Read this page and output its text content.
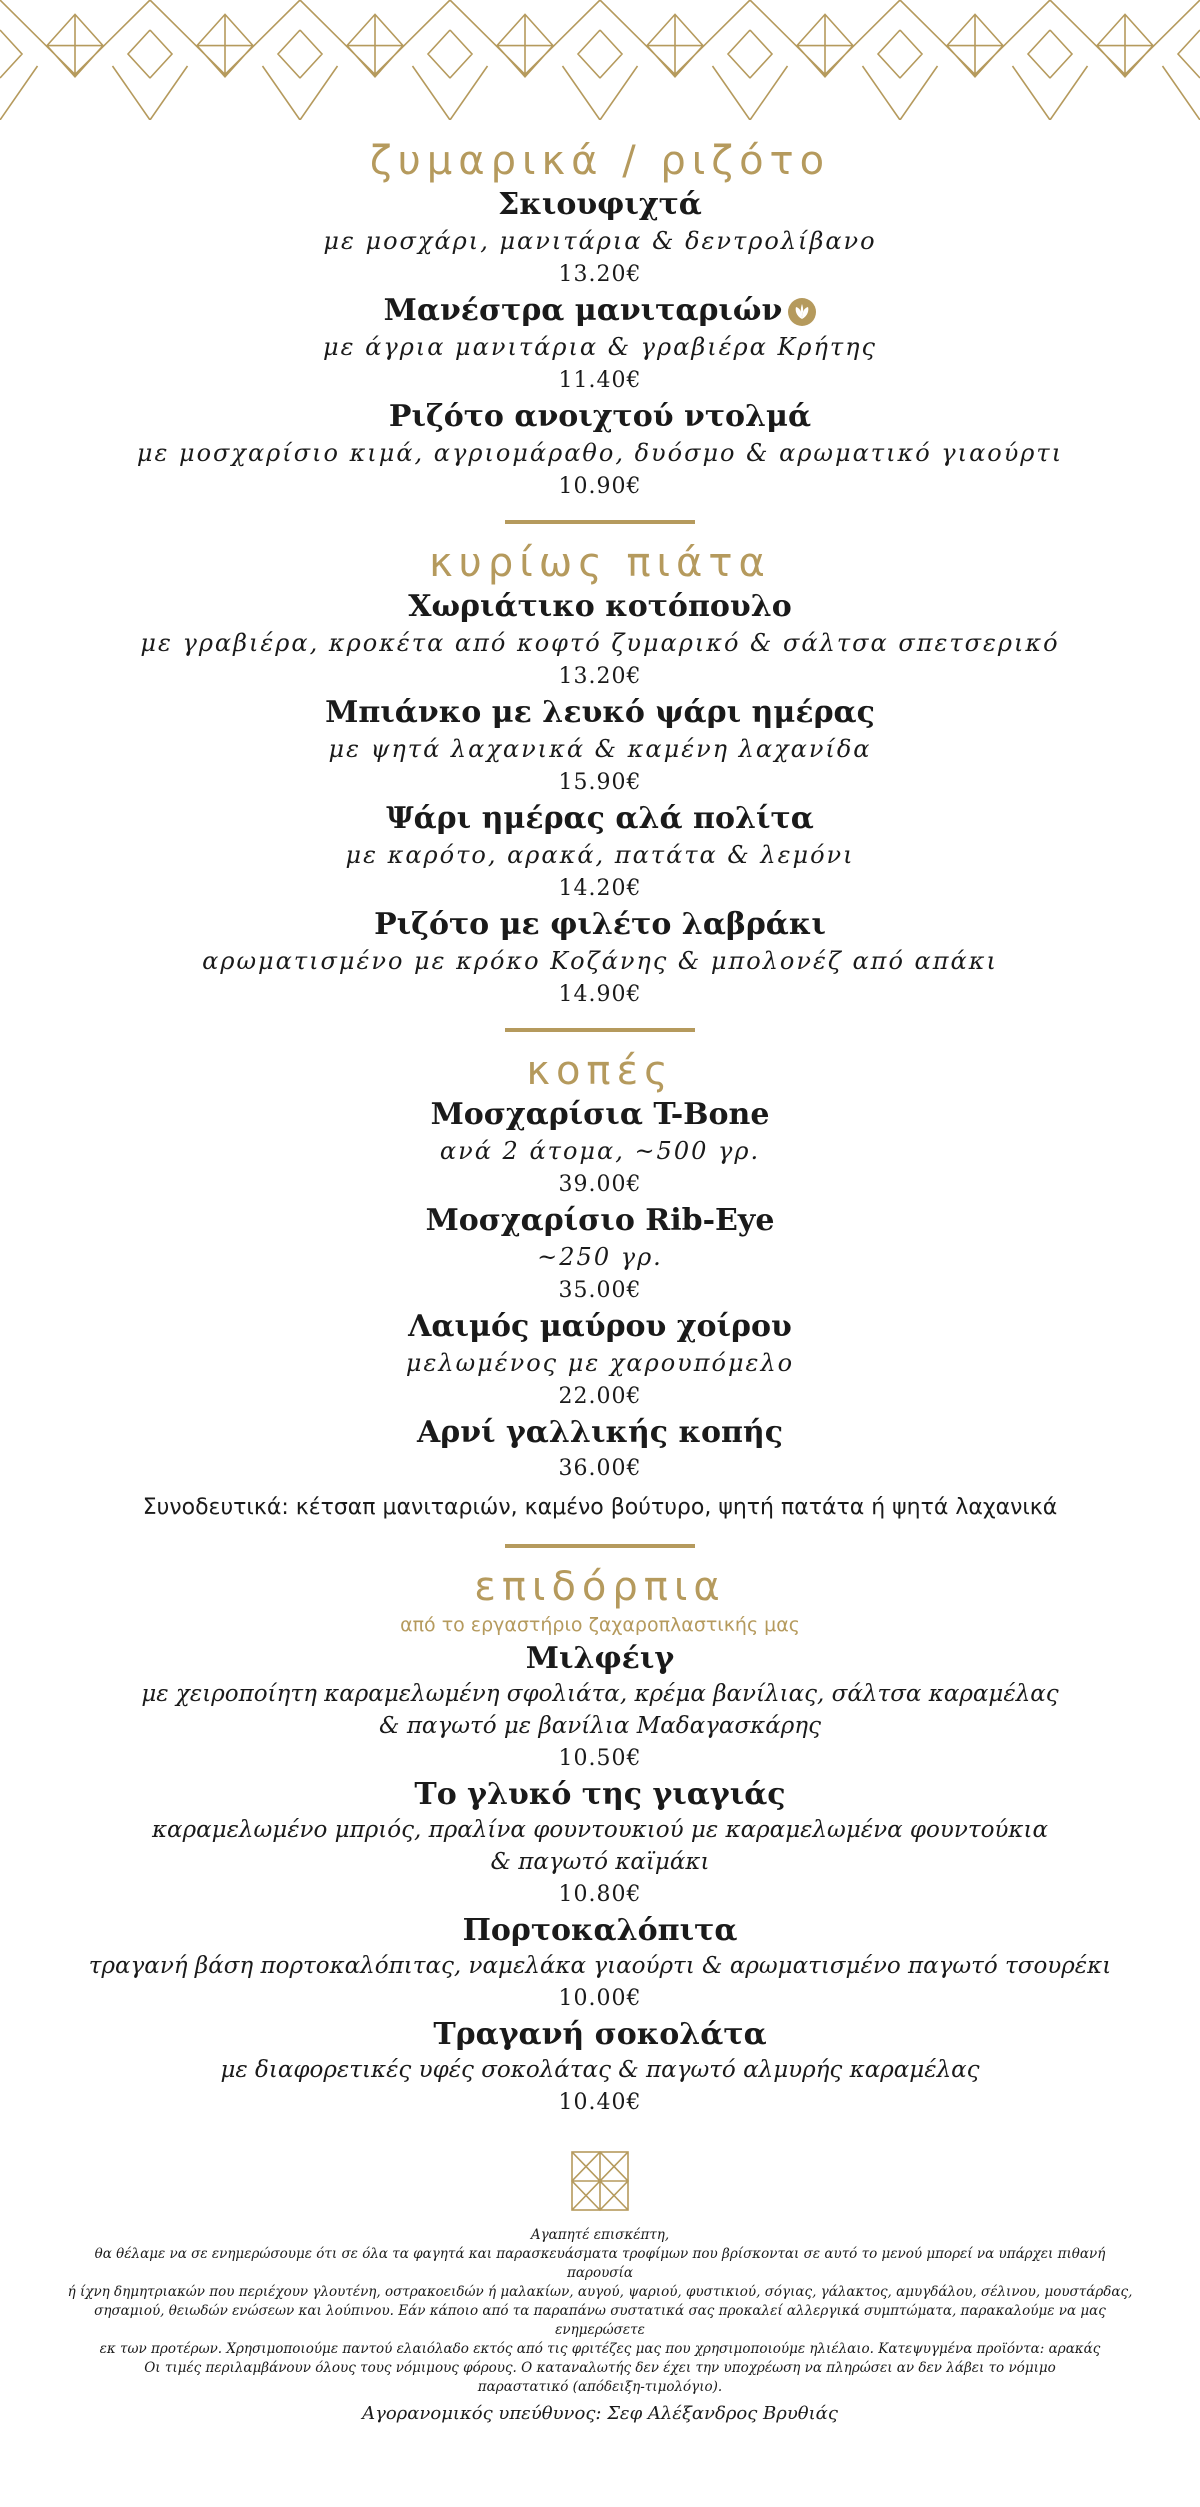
ζυμαρικά / ριζότο
Σκιουφιχτά
με μοσχάρι, μανιτάρια & δεντρολίβανο
13.20€
Μανέστρα μανιταριών
με άγρια μανιτάρια & γραβιέρα Κρήτης
11.40€
Ριζότο ανοιχτού ντολμά
με μοσχαρίσιο κιμά, αγριομάραθο, δυόσμο & αρωματικό γιαούρτι
10.90€
κυρίως πιάτα
Χωριάτικο κοτόπουλο
με γραβιέρα, κροκέτα από κοφτό ζυμαρικό & σάλτσα σπετσερικό
13.20€
Μπιάνκο με λευκό ψάρι ημέρας
με ψητά λαχανικά & καμένη λαχανίδα
15.90€
Ψάρι ημέρας αλά πολίτα
με καρότο, αρακά, πατάτα & λεμόνι
14.20€
Ριζότο με φιλέτο λαβράκι
αρωματισμένο με κρόκο Κοζάνης & μπολονέζ από απάκι
14.90€
κοπές
Μοσχαρίσια T-Bone
ανά 2 άτομα, ~500 γρ.
39.00€
Μοσχαρίσιο Rib-Eye
~250 γρ.
35.00€
Λαιμός μαύρου χοίρου
μελωμένος με χαρουπόμελο
22.00€
Αρνί γαλλικής κοπής
36.00€

Συνοδευτικά: κέτσαπ μανιταριών, καμένο βούτυρο, ψητή πατάτα ή ψητά λαχανικά

επιδόρπια

από το εργαστήριο ζαχαροπλαστικής μας

Μιλφέιγ
με χειροποίητη καραμελωμένη σφολιάτα, κρέμα βανίλιας, σάλτσα καραμέλας
& παγωτό με βανίλια Μαδαγασκάρης
10.50€
Το γλυκό της γιαγιάς
καραμελωμένο μπριός, πραλίνα φουντουκιού με καραμελωμένα φουντούκια
& παγωτό καϊμάκι
10.80€
Πορτοκαλόπιτα
τραγανή βάση πορτοκαλόπιτας, ναμελάκα γιαούρτι & αρωματισμένο παγωτό τσουρέκι
10.00€
Τραγανή σοκολάτα
με διαφορετικές υφές σοκολάτας & παγωτό αλμυρής καραμέλας
10.40€
Αγαπητέ επισκέπτη,
θα θέλαμε να σε ενημερώσουμε ότι σε όλα τα φαγητά και παρασκευάσματα τροφίμων που βρίσκονται σε αυτό το μενού μπορεί να υπάρχει πιθανή παρουσία
ή ίχνη δημητριακών που περιέχουν γλουτένη, οστρακοειδών ή μαλακίων, αυγού, ψαριού, φυστικιού, σόγιας, γάλακτος, αμυγδάλου, σέλινου, μουστάρδας,
σησαμιού, θειωδών ενώσεων και λούπινου. Εάν κάποιο από τα παραπάνω συστατικά σας προκαλεί αλλεργικά συμπτώματα, παρακαλούμε να μας ενημερώσετε
εκ των προτέρων. Χρησιμοποιούμε παντού ελαιόλαδο εκτός από τις φριτέζες μας που χρησιμοποιούμε ηλιέλαιο. Κατεψυγμένα προϊόντα: αρακάς
Οι τιμές περιλαμβάνουν όλους τους νόμιμους φόρους. Ο καταναλωτής δεν έχει την υποχρέωση να πληρώσει αν δεν λάβει το νόμιμο
παραστατικό (απόδειξη-τιμολόγιο).
Αγορανομικός υπεύθυνος: Σεφ Αλέξανδρος Βρυθιάς
